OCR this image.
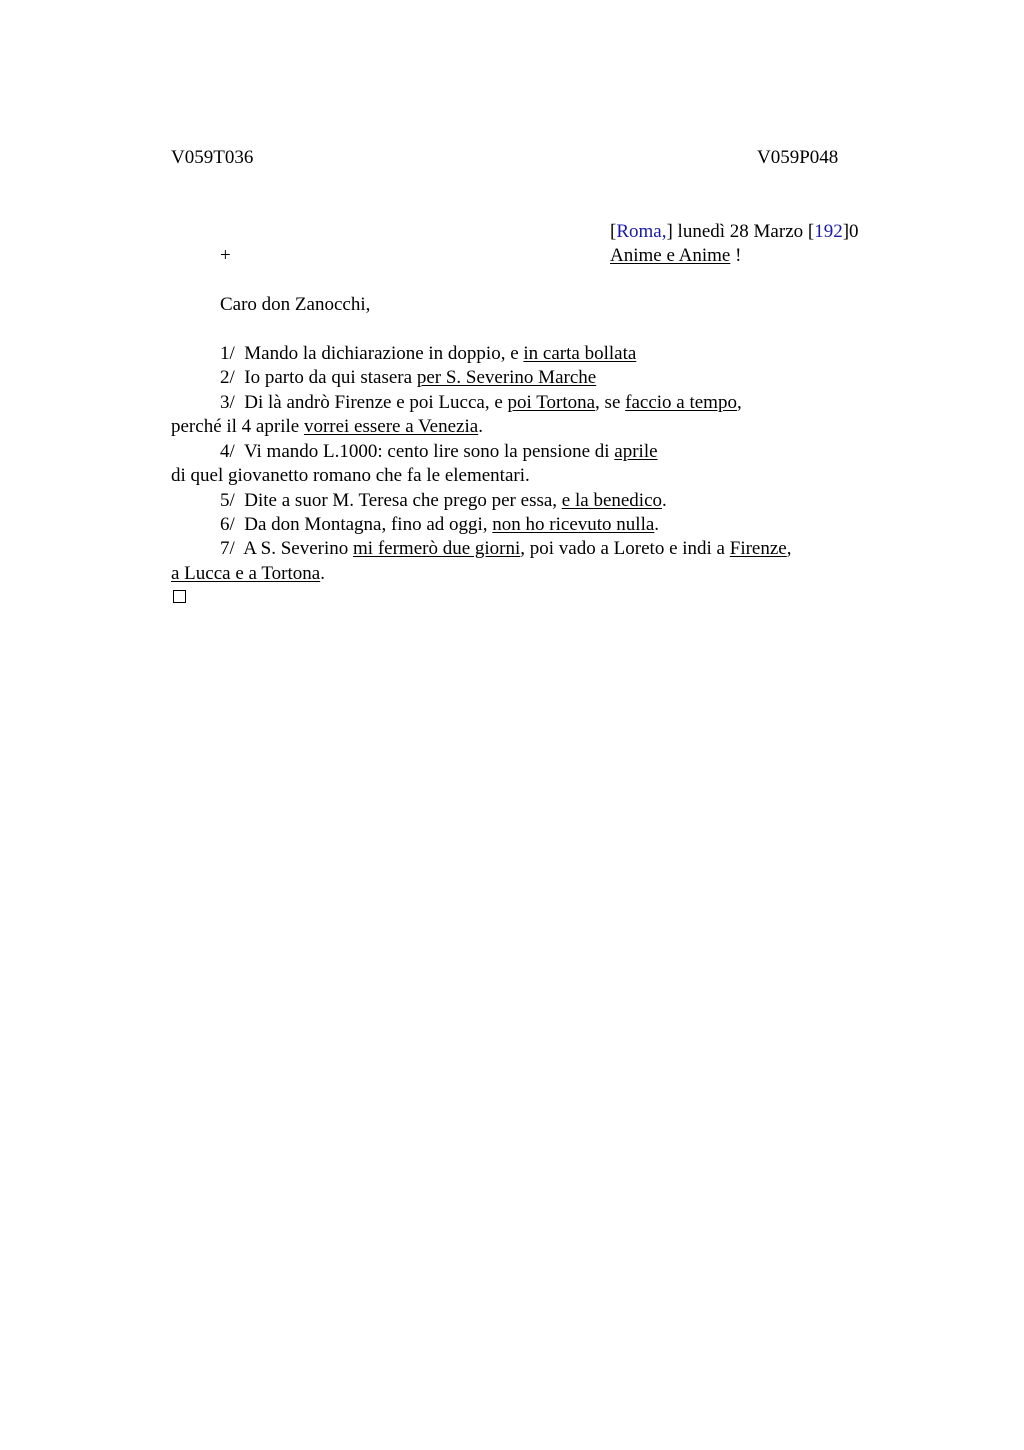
V059T036	V059P048
[Roma,] lunedì 28 Marzo [192]0
+	Anime e Anime !
Caro don Zanocchi,
1/ Mando la dichiarazione in doppio, e in carta bollata
2/ Io parto da qui stasera per S. Severino Marche
3/ Di là andrò Firenze e poi Lucca, e poi Tortona, se faccio a tempo,
perché il 4 aprile vorrei essere a Venezia.
4/ Vi mando L.1000: cento lire sono la pensione di aprile
di quel giovanetto romano che fa le elementari.
5/ Dite a suor M. Teresa che prego per essa, e la benedico.
6/ Da don Montagna, fino ad oggi, non ho ricevuto nulla.
7/ A S. Severino mi fermerò due giorni, poi vado a Loreto e indi a Firenze,
a Lucca e a Tortona.
